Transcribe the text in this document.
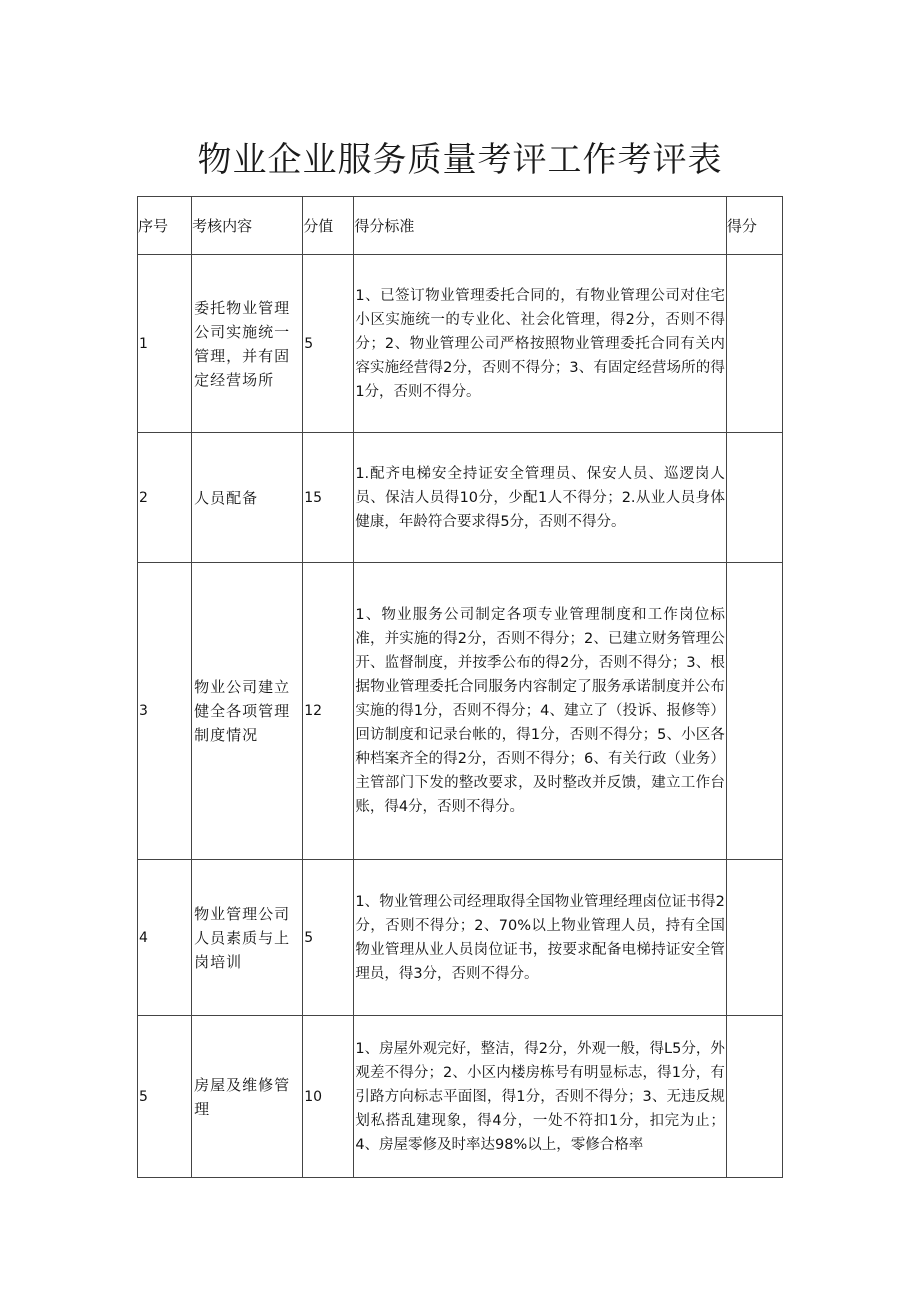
物业企业服务质量考评工作考评表
序号	考核内容	分值	得分标准	得分
1	委托物业管理公司实施统一管理，并有固定经营场所	5	1、已签订物业管理委托合同的，有物业管理公司对住宅小区实施统一的专业化、社会化管理，得2分，否则不得分；2、物业管理公司严格按照物业管理委托合同有关内容实施经营得2分，否则不得分；3、有固定经营场所的得1分，否则不得分。	
2	人员配备	15	1.配齐电梯安全持证安全管理员、保安人员、巡逻岗人员、保洁人员得10分，少配1人不得分；2.从业人员身体健康，年龄符合要求得5分，否则不得分。	
3	物业公司建立健全各项管理制度情况	12	1、物业服务公司制定各项专业管理制度和工作岗位标准，并实施的得2分，否则不得分；2、已建立财务管理公开、监督制度，并按季公布的得2分，否则不得分；3、根据物业管理委托合同服务内容制定了服务承诺制度并公布实施的得1分，否则不得分；4、建立了（投诉、报修等）回访制度和记录台帐的，得1分，否则不得分；5、小区各种档案齐全的得2分，否则不得分；6、有关行政（业务）主管部门下发的整改要求，及时整改并反馈，建立工作台账，得4分，否则不得分。	
4	物业管理公司人员素质与上岗培训	5	1、物业管理公司经理取得全国物业管理经理卤位证书得2分，否则不得分；2、70%以上物业管理人员，持有全国物业管理从业人员岗位证书，按要求配备电梯持证安全管理员，得3分，否则不得分。	
5	房屋及维修管理	10	1、房屋外观完好，整洁，得2分，外观一般，得L5分，外观差不得分；2、小区内楼房栋号有明显标志，得1分，有引路方向标志平面图，得1分，否则不得分；3、无违反规划私搭乱建现象，得4分，一处不符扣1分，扣完为止；4、房屋零修及时率达98%以上，零修合格率	
